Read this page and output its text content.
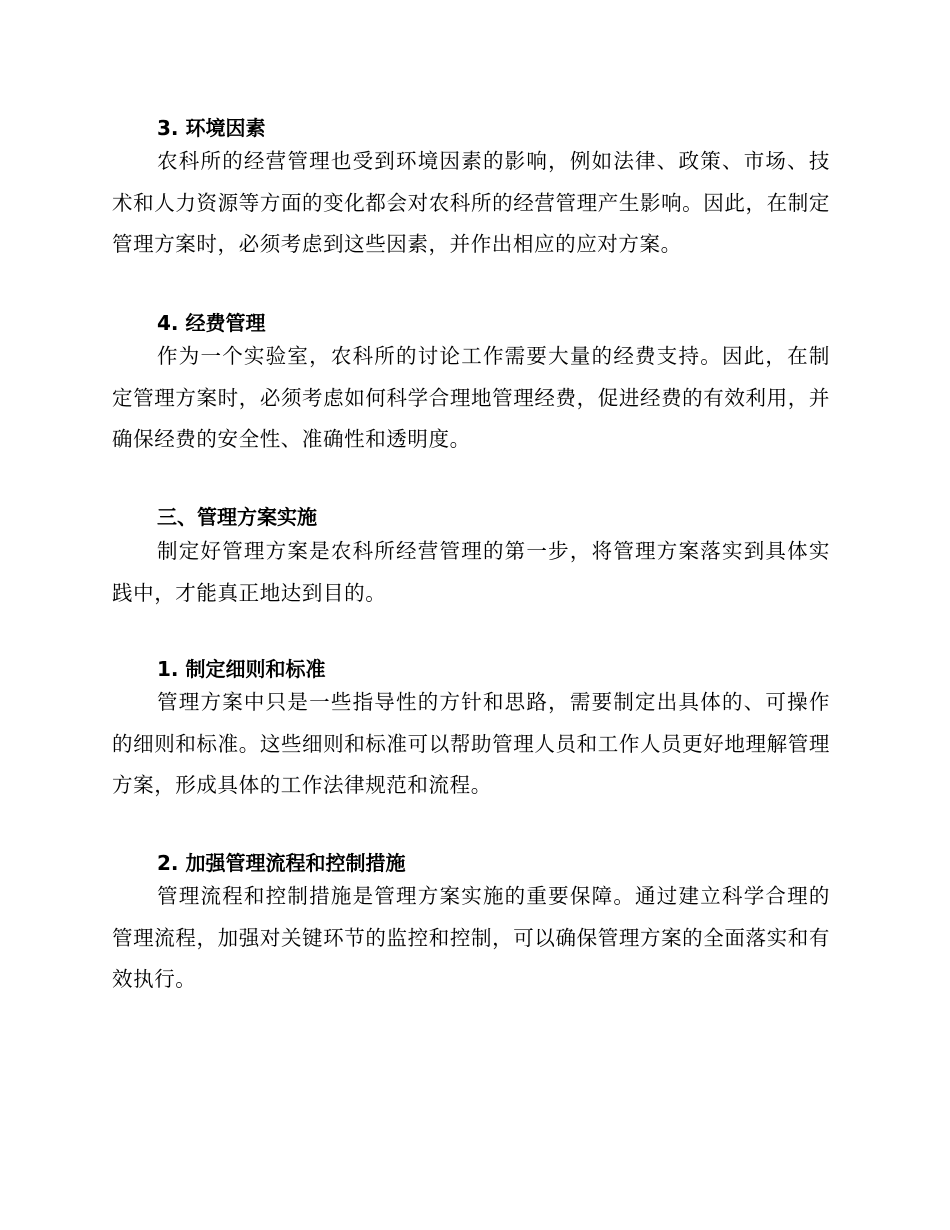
3. 环境因素

农科所的经营管理也受到环境因素的影响，例如法律、政策、市场、技术和人力资源等方面的变化都会对农科所的经营管理产生影响。因此，在制定管理方案时，必须考虑到这些因素，并作出相应的应对方案。

4. 经费管理

作为一个实验室，农科所的讨论工作需要大量的经费支持。因此，在制定管理方案时，必须考虑如何科学合理地管理经费，促进经费的有效利用，并确保经费的安全性、准确性和透明度。

三、管理方案实施

制定好管理方案是农科所经营管理的第一步，将管理方案落实到具体实践中，才能真正地达到目的。

1. 制定细则和标准

管理方案中只是一些指导性的方针和思路，需要制定出具体的、可操作的细则和标准。这些细则和标准可以帮助管理人员和工作人员更好地理解管理方案，形成具体的工作法律规范和流程。

2. 加强管理流程和控制措施

管理流程和控制措施是管理方案实施的重要保障。通过建立科学合理的管理流程，加强对关键环节的监控和控制，可以确保管理方案的全面落实和有效执行。
